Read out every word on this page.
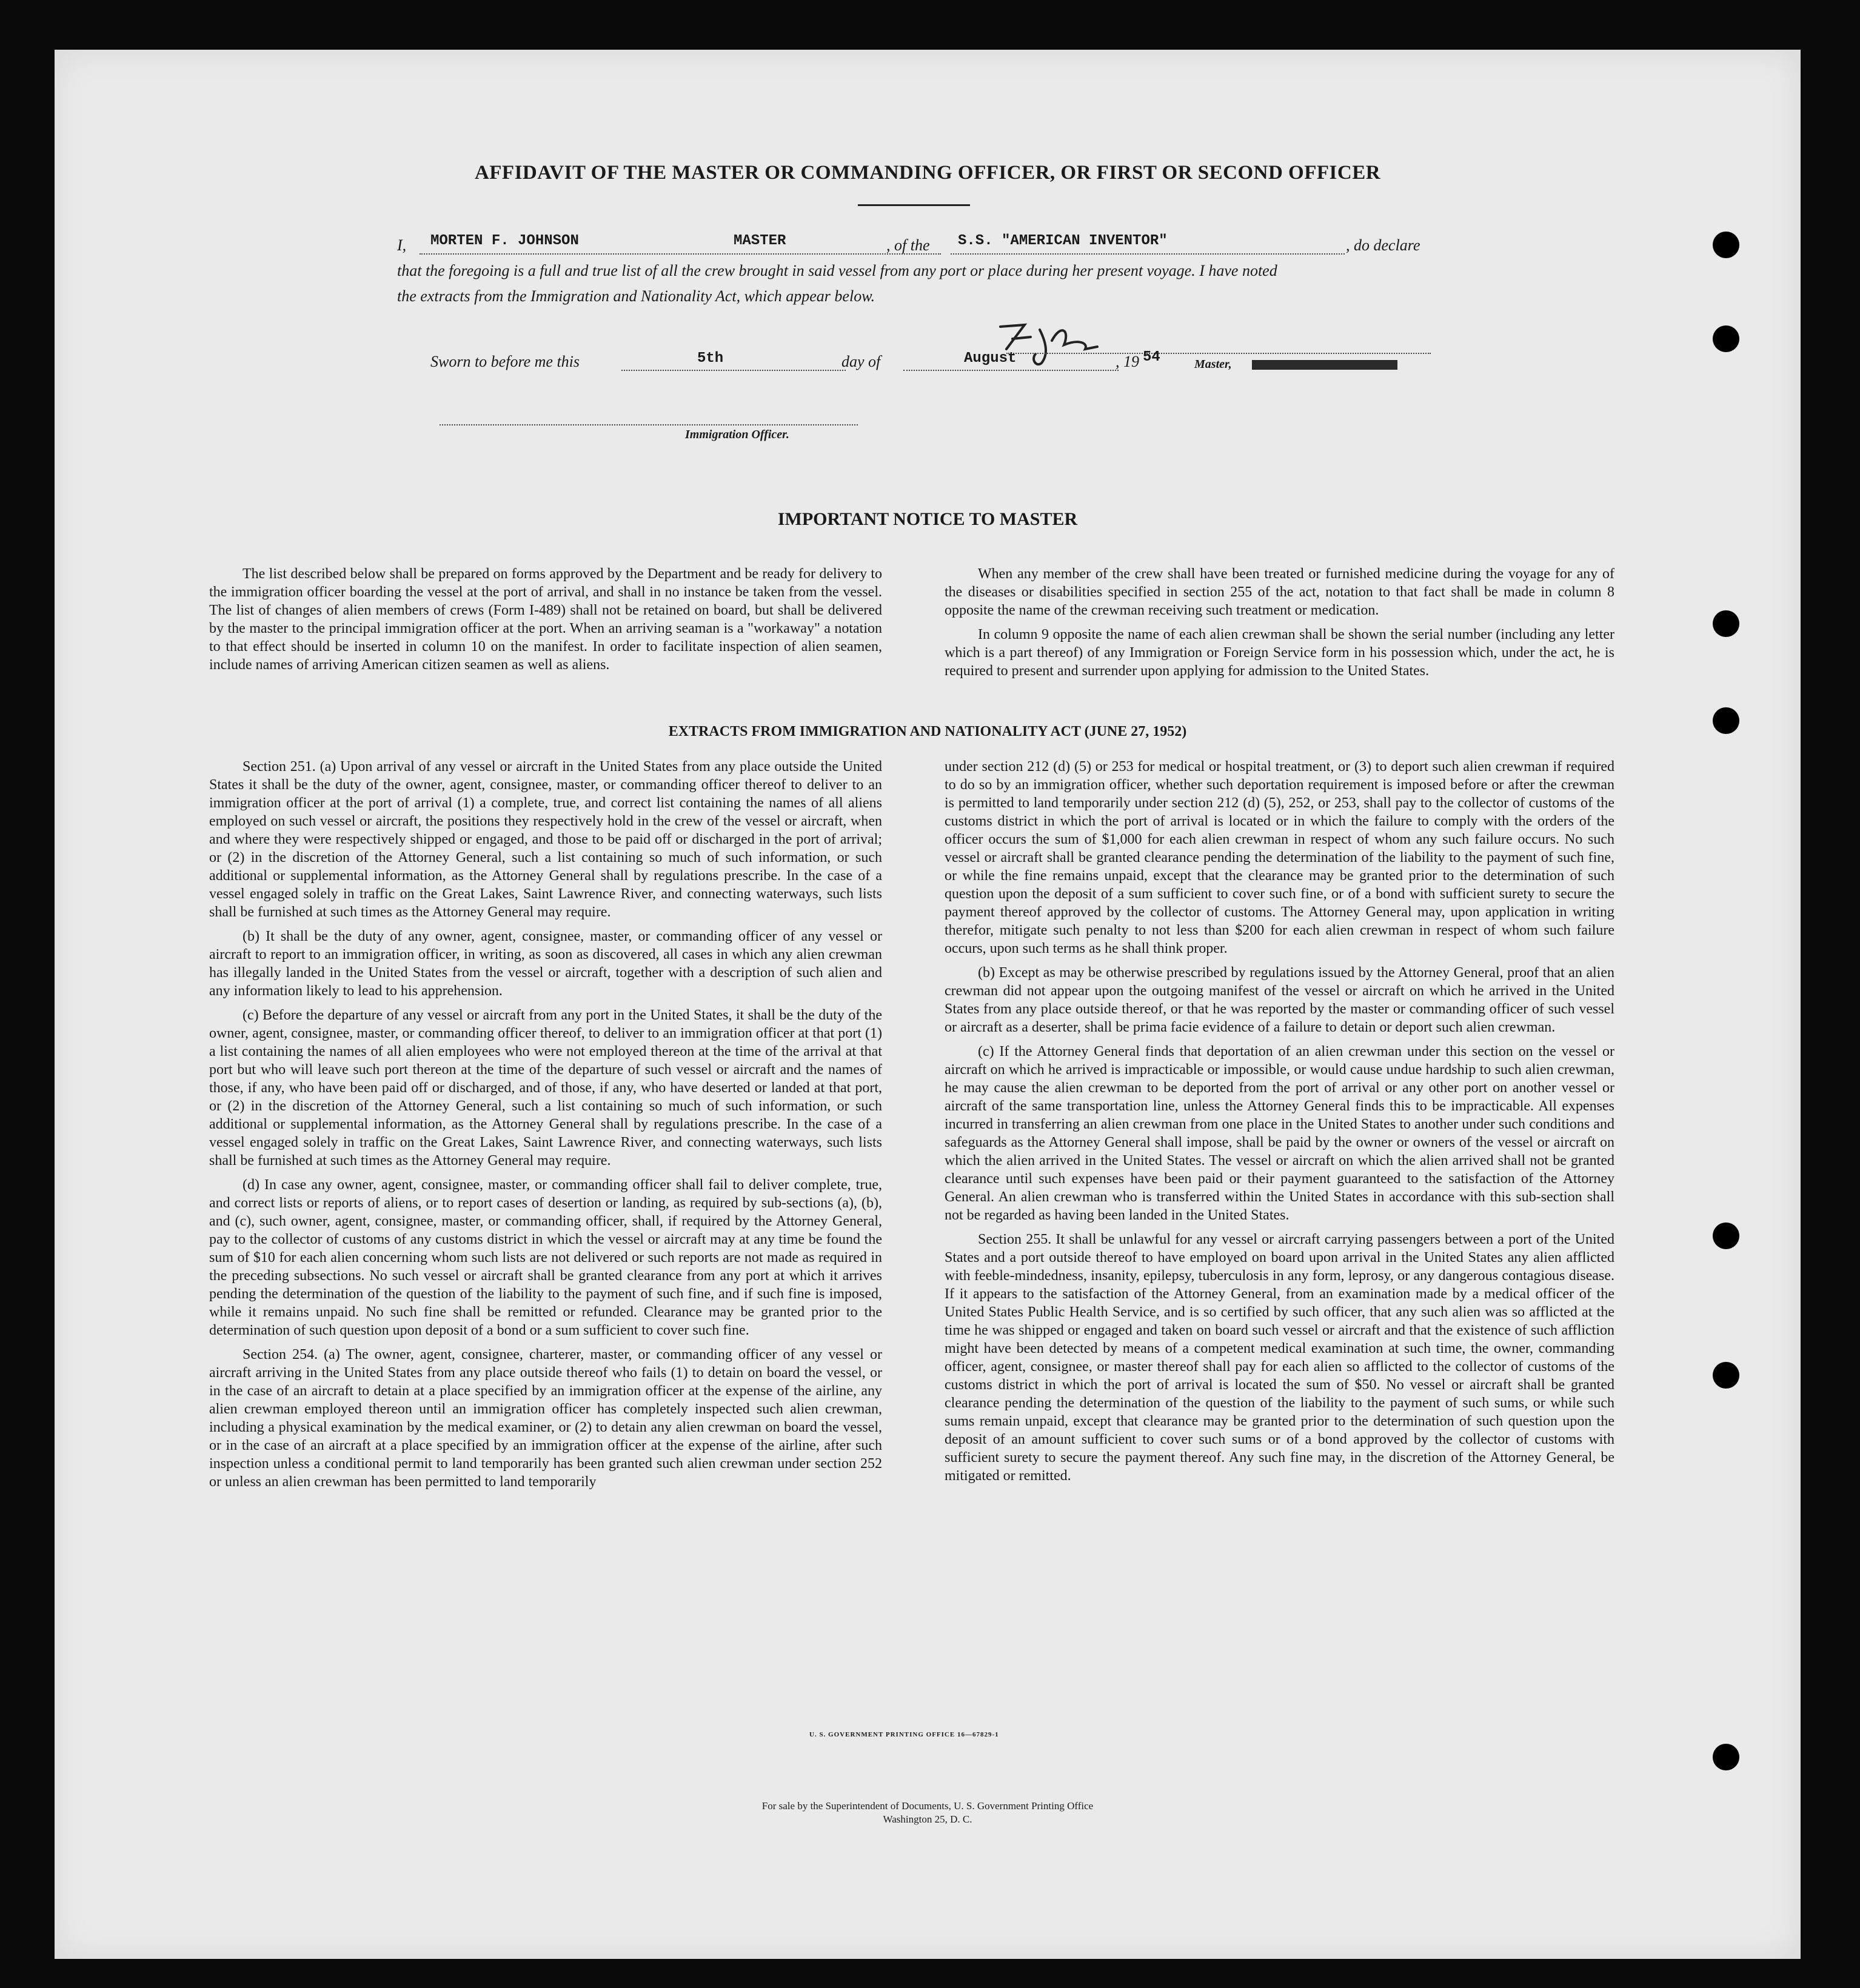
AFFIDAVIT OF THE MASTER OR COMMANDING OFFICER, OR FIRST OR SECOND OFFICER
I, MORTEN F. JOHNSON	MASTER	, of the S.S. "AMERICAN INVENTOR"	, do declare
that the foregoing is a full and true list of all the crew brought in said vessel from any port or place during her present voyage. I have noted
the extracts from the Immigration and Nationality Act, which appear below.
Master,
Sworn to before me this	5th	day of	August	, 19 54
Immigration Officer.
IMPORTANT NOTICE TO MASTER

The list described below shall be prepared on forms approved by the Department and be ready for delivery to the immigration officer boarding the vessel at the port of arrival, and shall in no instance be taken from the vessel. The list of changes of alien members of crews (Form I-489) shall not be retained on board, but shall be delivered by the master to the principal immigration officer at the port. When an arriving seaman is a "workaway" a notation to that effect should be inserted in column 10 on the manifest. In order to facilitate inspection of alien seamen, include names of arriving American citizen seamen as well as aliens.

When any member of the crew shall have been treated or furnished medicine during the voyage for any of the diseases or disabilities specified in section 255 of the act, notation to that fact shall be made in column 8 opposite the name of the crewman receiving such treatment or medication.

In column 9 opposite the name of each alien crewman shall be shown the serial number (including any letter which is a part thereof) of any Immigration or Foreign Service form in his possession which, under the act, he is required to present and surrender upon applying for admission to the United States.

EXTRACTS FROM IMMIGRATION AND NATIONALITY ACT (JUNE 27, 1952)

Section 251. (a) Upon arrival of any vessel or aircraft in the United States from any place outside the United States it shall be the duty of the owner, agent, consignee, master, or commanding officer thereof to deliver to an immigration officer at the port of arrival (1) a complete, true, and correct list containing the names of all aliens employed on such vessel or aircraft, the positions they respectively hold in the crew of the vessel or aircraft, when and where they were respectively shipped or engaged, and those to be paid off or discharged in the port of arrival; or (2) in the discretion of the Attorney General, such a list containing so much of such information, or such additional or supplemental information, as the Attorney General shall by regulations prescribe. In the case of a vessel engaged solely in traffic on the Great Lakes, Saint Lawrence River, and connecting waterways, such lists shall be furnished at such times as the Attorney General may require.

(b) It shall be the duty of any owner, agent, consignee, master, or commanding officer of any vessel or aircraft to report to an immigration officer, in writing, as soon as discovered, all cases in which any alien crewman has illegally landed in the United States from the vessel or aircraft, together with a description of such alien and any information likely to lead to his apprehension.

(c) Before the departure of any vessel or aircraft from any port in the United States, it shall be the duty of the owner, agent, consignee, master, or commanding officer thereof, to deliver to an immigration officer at that port (1) a list containing the names of all alien employees who were not employed thereon at the time of the arrival at that port but who will leave such port thereon at the time of the departure of such vessel or aircraft and the names of those, if any, who have been paid off or discharged, and of those, if any, who have deserted or landed at that port, or (2) in the discretion of the Attorney General, such a list containing so much of such information, or such additional or supplemental information, as the Attorney General shall by regulations prescribe. In the case of a vessel engaged solely in traffic on the Great Lakes, Saint Lawrence River, and connecting waterways, such lists shall be furnished at such times as the Attorney General may require.

(d) In case any owner, agent, consignee, master, or commanding officer shall fail to deliver complete, true, and correct lists or reports of aliens, or to report cases of desertion or landing, as required by sub-sections (a), (b), and (c), such owner, agent, consignee, master, or commanding officer, shall, if required by the Attorney General, pay to the collector of customs of any customs district in which the vessel or aircraft may at any time be found the sum of $10 for each alien concerning whom such lists are not delivered or such reports are not made as required in the preceding subsections. No such vessel or aircraft shall be granted clearance from any port at which it arrives pending the determination of the question of the liability to the payment of such fine, and if such fine is imposed, while it remains unpaid. No such fine shall be remitted or refunded. Clearance may be granted prior to the determination of such question upon deposit of a bond or a sum sufficient to cover such fine.

Section 254. (a) The owner, agent, consignee, charterer, master, or commanding officer of any vessel or aircraft arriving in the United States from any place outside thereof who fails (1) to detain on board the vessel, or in the case of an aircraft to detain at a place specified by an immigration officer at the expense of the airline, any alien crewman employed thereon until an immigration officer has completely inspected such alien crewman, including a physical examination by the medical examiner, or (2) to detain any alien crewman on board the vessel, or in the case of an aircraft at a place specified by an immigration officer at the expense of the airline, after such inspection unless a conditional permit to land temporarily has been granted such alien crewman under section 252 or unless an alien crewman has been permitted to land temporarily

under section 212 (d) (5) or 253 for medical or hospital treatment, or (3) to deport such alien crewman if required to do so by an immigration officer, whether such deportation requirement is imposed before or after the crewman is permitted to land temporarily under section 212 (d) (5), 252, or 253, shall pay to the collector of customs of the customs district in which the port of arrival is located or in which the failure to comply with the orders of the officer occurs the sum of $1,000 for each alien crewman in respect of whom any such failure occurs. No such vessel or aircraft shall be granted clearance pending the determination of the liability to the payment of such fine, or while the fine remains unpaid, except that the clearance may be granted prior to the determination of such question upon the deposit of a sum sufficient to cover such fine, or of a bond with sufficient surety to secure the payment thereof approved by the collector of customs. The Attorney General may, upon application in writing therefor, mitigate such penalty to not less than $200 for each alien crewman in respect of whom such failure occurs, upon such terms as he shall think proper.

(b) Except as may be otherwise prescribed by regulations issued by the Attorney General, proof that an alien crewman did not appear upon the outgoing manifest of the vessel or aircraft on which he arrived in the United States from any place outside thereof, or that he was reported by the master or commanding officer of such vessel or aircraft as a deserter, shall be prima facie evidence of a failure to detain or deport such alien crewman.

(c) If the Attorney General finds that deportation of an alien crewman under this section on the vessel or aircraft on which he arrived is impracticable or impossible, or would cause undue hardship to such alien crewman, he may cause the alien crewman to be deported from the port of arrival or any other port on another vessel or aircraft of the same transportation line, unless the Attorney General finds this to be impracticable. All expenses incurred in transferring an alien crewman from one place in the United States to another under such conditions and safeguards as the Attorney General shall impose, shall be paid by the owner or owners of the vessel or aircraft on which the alien arrived in the United States. The vessel or aircraft on which the alien arrived shall not be granted clearance until such expenses have been paid or their payment guaranteed to the satisfaction of the Attorney General. An alien crewman who is transferred within the United States in accordance with this sub-section shall not be regarded as having been landed in the United States.

Section 255. It shall be unlawful for any vessel or aircraft carrying passengers between a port of the United States and a port outside thereof to have employed on board upon arrival in the United States any alien afflicted with feeble-mindedness, insanity, epilepsy, tuberculosis in any form, leprosy, or any dangerous contagious disease. If it appears to the satisfaction of the Attorney General, from an examination made by a medical officer of the United States Public Health Service, and is so certified by such officer, that any such alien was so afflicted at the time he was shipped or engaged and taken on board such vessel or aircraft and that the existence of such affliction might have been detected by means of a competent medical examination at such time, the owner, commanding officer, agent, consignee, or master thereof shall pay for each alien so afflicted to the collector of customs of the customs district in which the port of arrival is located the sum of $50. No vessel or aircraft shall be granted clearance pending the determination of the question of the liability to the payment of such sums, or while such sums remain unpaid, except that clearance may be granted prior to the determination of such question upon the deposit of an amount sufficient to cover such sums or of a bond approved by the collector of customs with sufficient surety to secure the payment thereof. Any such fine may, in the discretion of the Attorney General, be mitigated or remitted.

U. S. GOVERNMENT PRINTING OFFICE 16—67829-1
For sale by the Superintendent of Documents, U. S. Government Printing Office
Washington 25, D. C.
